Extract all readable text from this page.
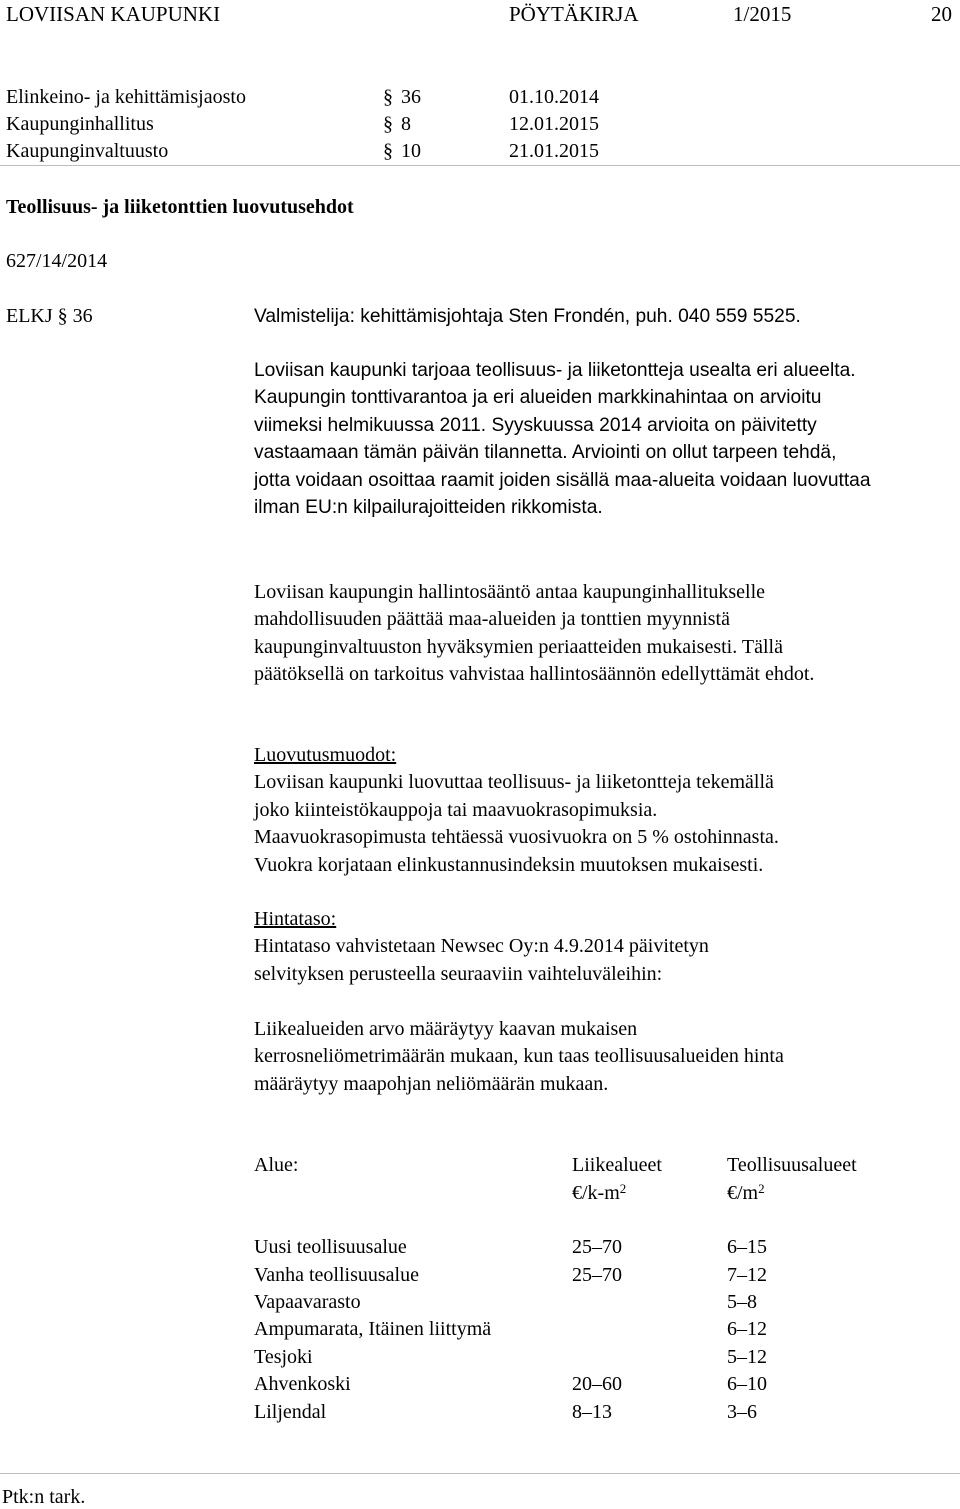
LOVIISAN KAUPUNKI	PÖYTÄKIRJA	1/2015	20
Elinkeino- ja kehittämisjaosto	§ 36	01.10.2014
Kaupunginhallitus	§ 8	12.01.2015
Kaupunginvaltuusto	§ 10	21.01.2015
Teollisuus- ja liiketonttien luovutusehdot
627/14/2014
ELKJ § 36	Valmistelija: kehittämisjohtaja Sten Frondén, puh. 040 559 5525.

Loviisan kaupunki tarjoaa teollisuus- ja liiketontteja usealta eri alueelta. Kaupungin tonttivarantoa ja eri alueiden markkinahintaa on arvioitu viimeksi helmikuussa 2011. Syyskuussa 2014 arvioita on päivitetty vastaamaan tämän päivän tilannetta. Arviointi on ollut tarpeen tehdä, jotta voidaan osoittaa raamit joiden sisällä maa-alueita voidaan luovuttaa ilman EU:n kilpailurajoitteiden rikkomista.

Loviisan kaupungin hallintosääntö antaa kaupunginhallitukselle mahdollisuuden päättää maa-alueiden ja tonttien myynnistä kaupunginvaltuuston hyväksymien periaatteiden mukaisesti. Tällä päätöksellä on tarkoitus vahvistaa hallintosäännön edellyttämät ehdot.

Luovutusmuodot:

Loviisan kaupunki luovuttaa teollisuus- ja liiketontteja tekemällä

joko kiinteistökauppoja tai maavuokrasopimuksia.

Maavuokrasopimusta tehtäessä vuosivuokra on 5 % ostohinnasta.

Vuokra korjataan elinkustannusindeksin muutoksen mukaisesti.

Hintataso:

Hintataso vahvistetaan Newsec Oy:n 4.9.2014 päivitetyn

selvityksen perusteella seuraaviin vaihteluväleihin:

Liikealueiden arvo määräytyy kaavan mukaisen

kerrosneliömetrimäärän mukaan, kun taas teollisuusalueiden hinta

määräytyy maapohjan neliömäärän mukaan.

Alue:	Liikealueet	Teollisuusalueet
	$€/k-m^2$	$€/m^2$

Uusi teollisuusalue	25–70	6–15
Vanha teollisuusalue	25–70	7–12
Vapaavarasto		5–8
Ampumarata, Itäinen liittymä		6–12
Tesjoki		5–12
Ahvenkoski	20–60	6–10
Liljendal	8–13	3–6
Ptk:n tark.
